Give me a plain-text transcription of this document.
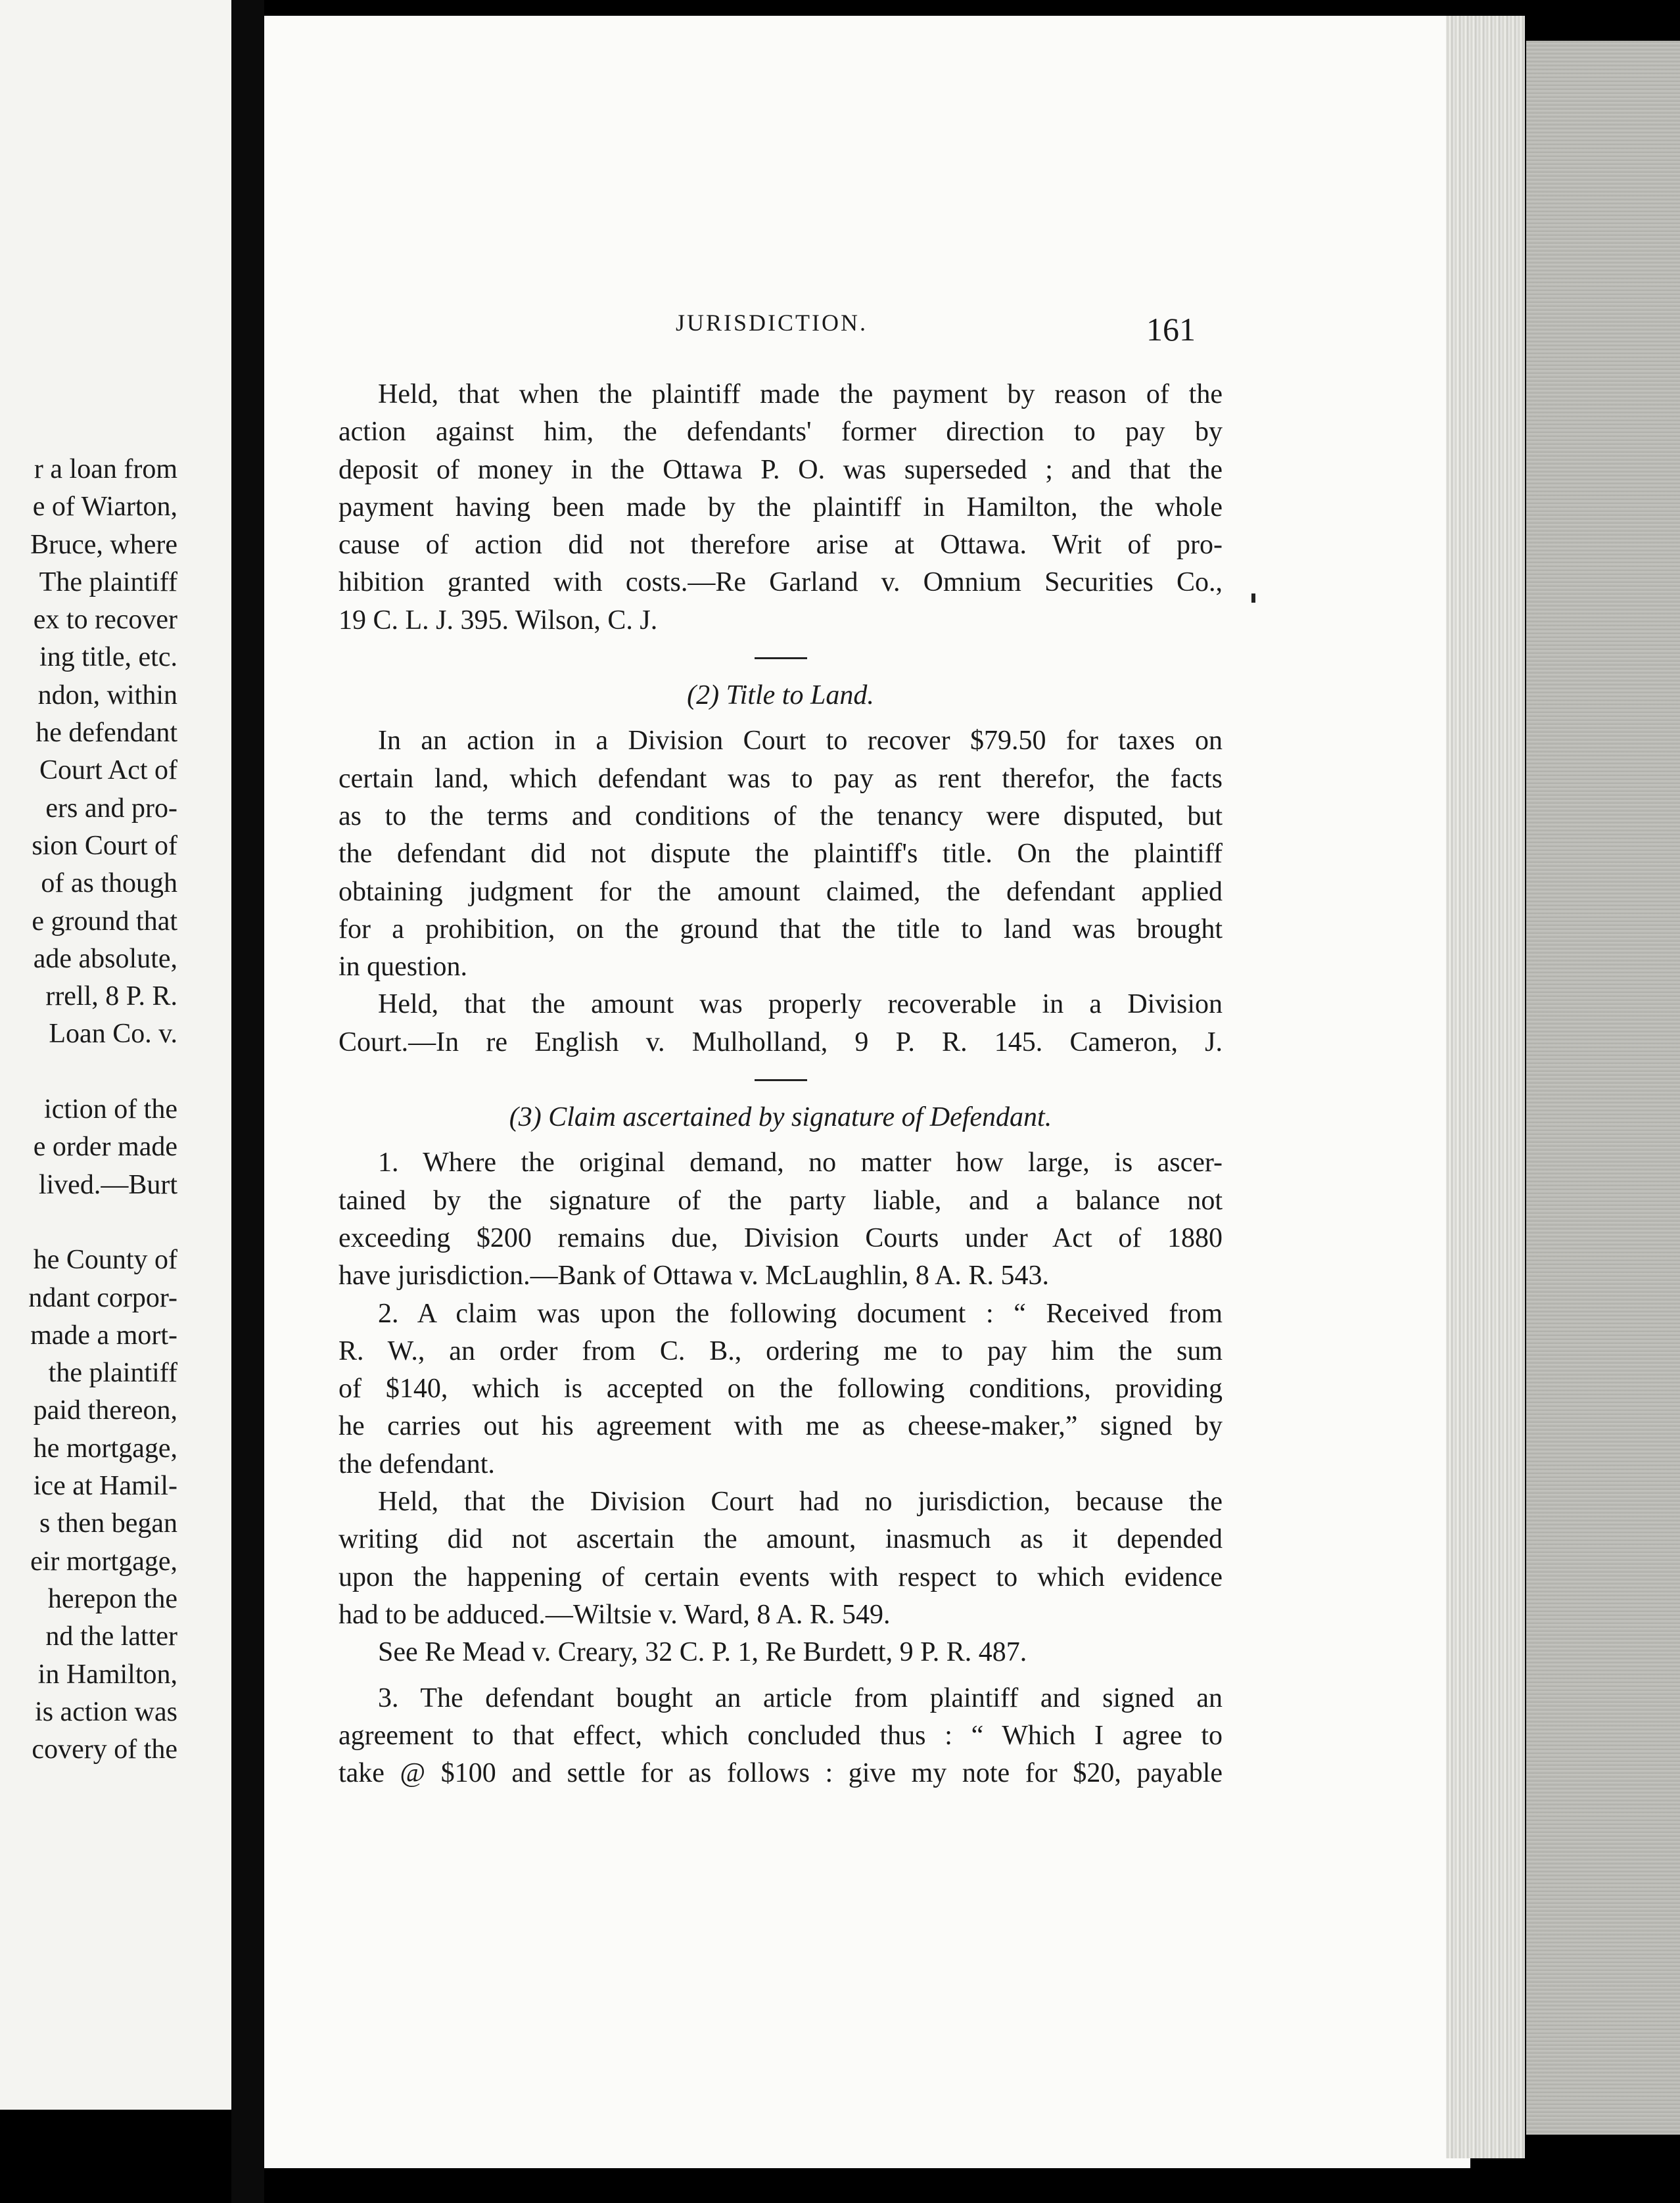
r a loan from
e of Wiarton,
Bruce, where
The plaintiff
ex to recover
ing title, etc.
ndon, within
he defendant
Court Act of
ers and pro-
sion Court of
of as though
e ground that
ade absolute,
rrell, 8 P. R.
Loan Co. v.
iction of the
e order made
lived.—Burt
he County of
ndant corpor-
made a mort-
the plaintiff
paid thereon,
he mortgage,
ice at Hamil-
s then began
eir mortgage,
herepon the
nd the latter
in Hamilton,
is action was
covery of the
JURISDICTION.	161
Held, that when the plaintiff made the payment by reason of the
action against him, the defendants' former direction to pay by
deposit of money in the Ottawa P. O. was superseded ; and that the
payment having been made by the plaintiff in Hamilton, the whole
cause of action did not therefore arise at Ottawa. Writ of pro-
hibition granted with costs.—Re Garland v. Omnium Securities Co.,
19 C. L. J. 395. Wilson, C. J.
(2) Title to Land.
In an action in a Division Court to recover $79.50 for taxes on
certain land, which defendant was to pay as rent therefor, the facts
as to the terms and conditions of the tenancy were disputed, but
the defendant did not dispute the plaintiff's title. On the plaintiff
obtaining judgment for the amount claimed, the defendant applied
for a prohibition, on the ground that the title to land was brought
in question.
Held, that the amount was properly recoverable in a Division
Court.—In re English v. Mulholland, 9 P. R. 145. Cameron, J.
(3) Claim ascertained by signature of Defendant.
1. Where the original demand, no matter how large, is ascer-
tained by the signature of the party liable, and a balance not
exceeding $200 remains due, Division Courts under Act of 1880
have jurisdiction.—Bank of Ottawa v. McLaughlin, 8 A. R. 543.
2. A claim was upon the following document : “ Received from
R. W., an order from C. B., ordering me to pay him the sum
of $140, which is accepted on the following conditions, providing
he carries out his agreement with me as cheese-maker,” signed by
the defendant.
Held, that the Division Court had no jurisdiction, because the
writing did not ascertain the amount, inasmuch as it depended
upon the happening of certain events with respect to which evidence
had to be adduced.—Wiltsie v. Ward, 8 A. R. 549.
See Re Mead v. Creary, 32 C. P. 1, Re Burdett, 9 P. R. 487.
3. The defendant bought an article from plaintiff and signed an
agreement to that effect, which concluded thus : “ Which I agree to
take @ $100 and settle for as follows : give my note for $20, payable
